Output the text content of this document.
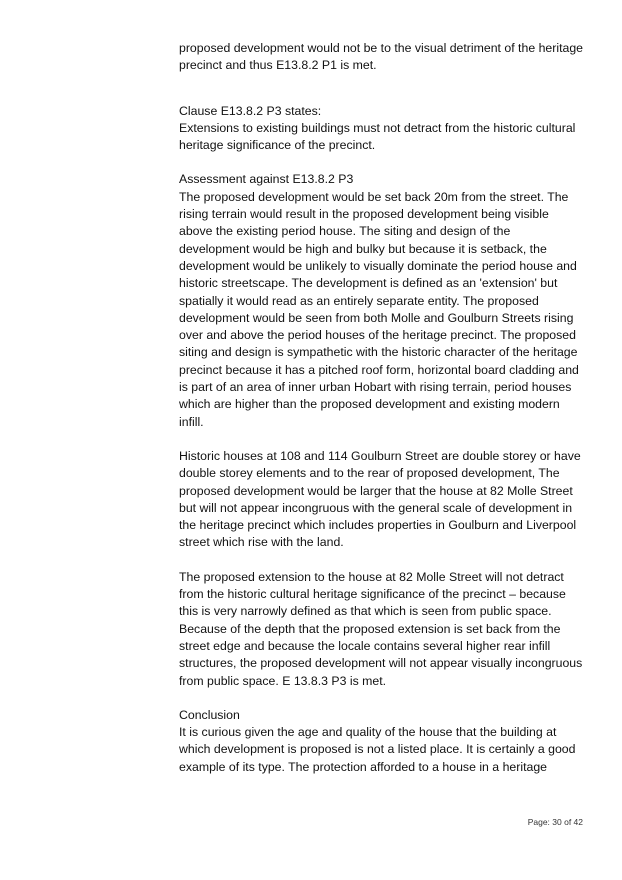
proposed development would not be to the visual detriment of the heritage
precinct and thus E13.8.2 P1 is met.

Clause E13.8.2 P3 states:

Extensions to existing buildings must not detract from the historic cultural
heritage significance of the precinct.

Assessment against E13.8.2 P3

The proposed development would be set back 20m from the street. The
rising terrain would result in the proposed development being visible
above the existing period house. The siting and design of the
development would be high and bulky but because it is setback, the
development would be unlikely to visually dominate the period house and
historic streetscape. The development is defined as an 'extension' but
spatially it would read as an entirely separate entity. The proposed
development would be seen from both Molle and Goulburn Streets rising
over and above the period houses of the heritage precinct. The proposed
siting and design is sympathetic with the historic character of the heritage
precinct because it has a pitched roof form, horizontal board cladding and
is part of an area of inner urban Hobart with rising terrain, period houses
which are higher than the proposed development and existing modern
infill.

Historic houses at 108 and 114 Goulburn Street are double storey or have
double storey elements and to the rear of proposed development, The
proposed development would be larger that the house at 82 Molle Street
but will not appear incongruous with the general scale of development in
the heritage precinct which includes properties in Goulburn and Liverpool
street which rise with the land.

The proposed extension to the house at 82 Molle Street will not detract
from the historic cultural heritage significance of the precinct – because
this is very narrowly defined as that which is seen from public space.
Because of the depth that the proposed extension is set back from the
street edge and because the locale contains several higher rear infill
structures, the proposed development will not appear visually incongruous
from public space. E 13.8.3 P3 is met.

Conclusion

It is curious given the age and quality of the house that the building at
which development is proposed is not a listed place. It is certainly a good
example of its type. The protection afforded to a house in a heritage

Page: 30 of 42
